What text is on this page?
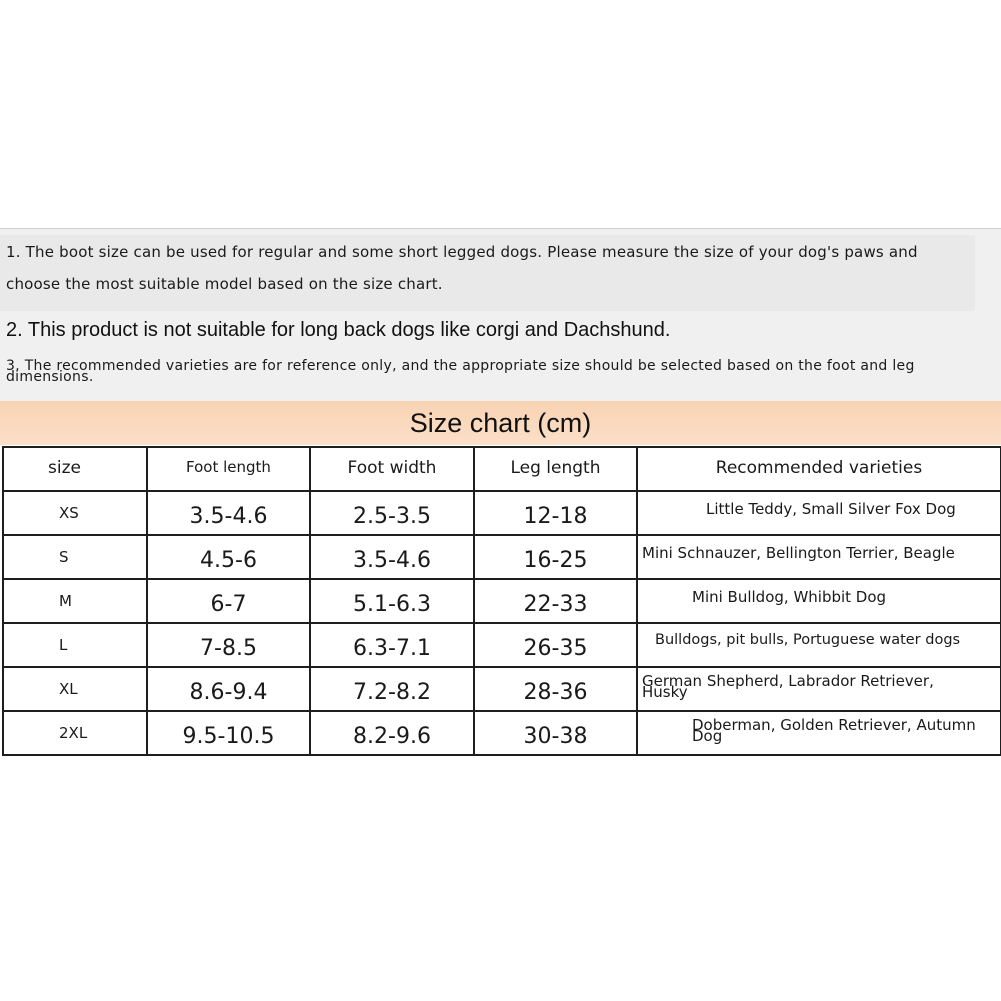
1. The boot size can be used for regular and some short legged dogs. Please measure the size of your dog's paws and
choose the most suitable model based on the size chart.
2. This product is not suitable for long back dogs like corgi and Dachshund.
3. The recommended varieties are for reference only, and the appropriate size should be selected based on the foot and leg dimensions.
Size chart (cm)
size	Foot length	Foot width	Leg length	Recommended varieties
XS	3.5-4.6	2.5-3.5	12-18	Little Teddy, Small Silver Fox Dog
S	4.5-6	3.5-4.6	16-25	Mini Schnauzer, Bellington Terrier, Beagle
M	6-7	5.1-6.3	22-33	Mini Bulldog, Whibbit Dog
L	7-8.5	6.3-7.1	26-35	Bulldogs, pit bulls, Portuguese water dogs
XL	8.6-9.4	7.2-8.2	28-36	German Shepherd, Labrador Retriever, Husky

2XL	9.5-10.5	8.2-9.6	30-38	Doberman, Golden Retriever, Autumn Dog
